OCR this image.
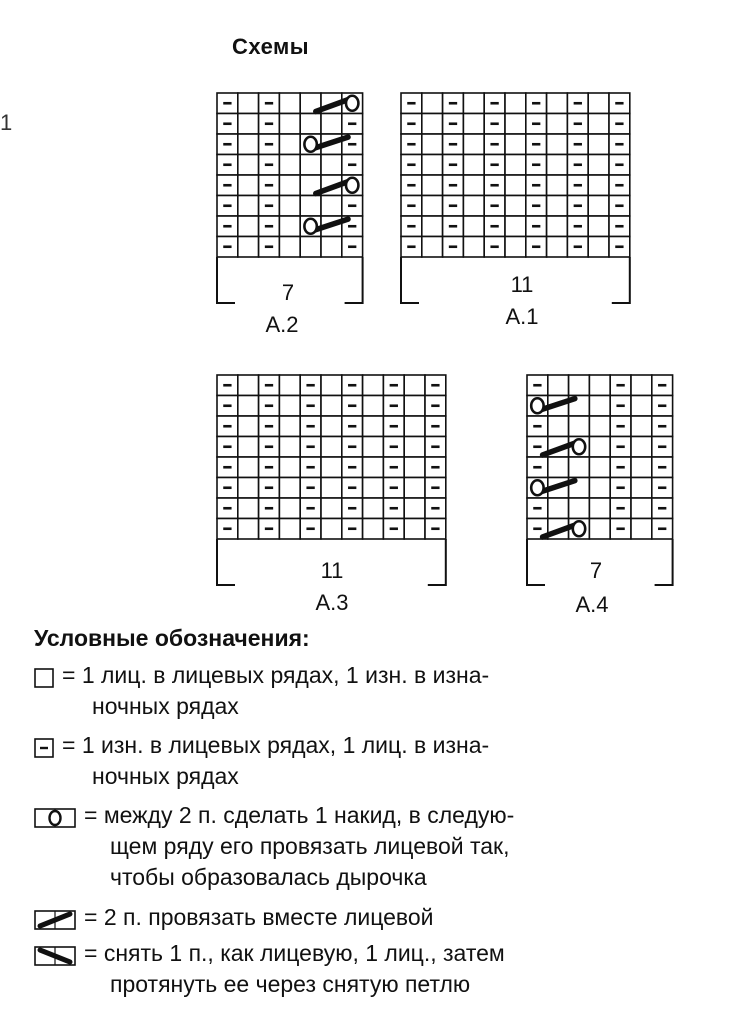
Схемы
1
7
A.2
11
A.1
11
A.3
7
A.4
Условные обозначения:
= 1 лиц. в лицевых рядах, 1 изн. в изна-
ночных рядах
= 1 изн. в лицевых рядах, 1 лиц. в изна-
ночных рядах
= между 2 п. сделать 1 накид, в следую-
щем ряду его провязать лицевой так,
чтобы образовалась дырочка
= 2 п. провязать вместе лицевой
= снять 1 п., как лицевую, 1 лиц., затем
протянуть ее через снятую петлю
